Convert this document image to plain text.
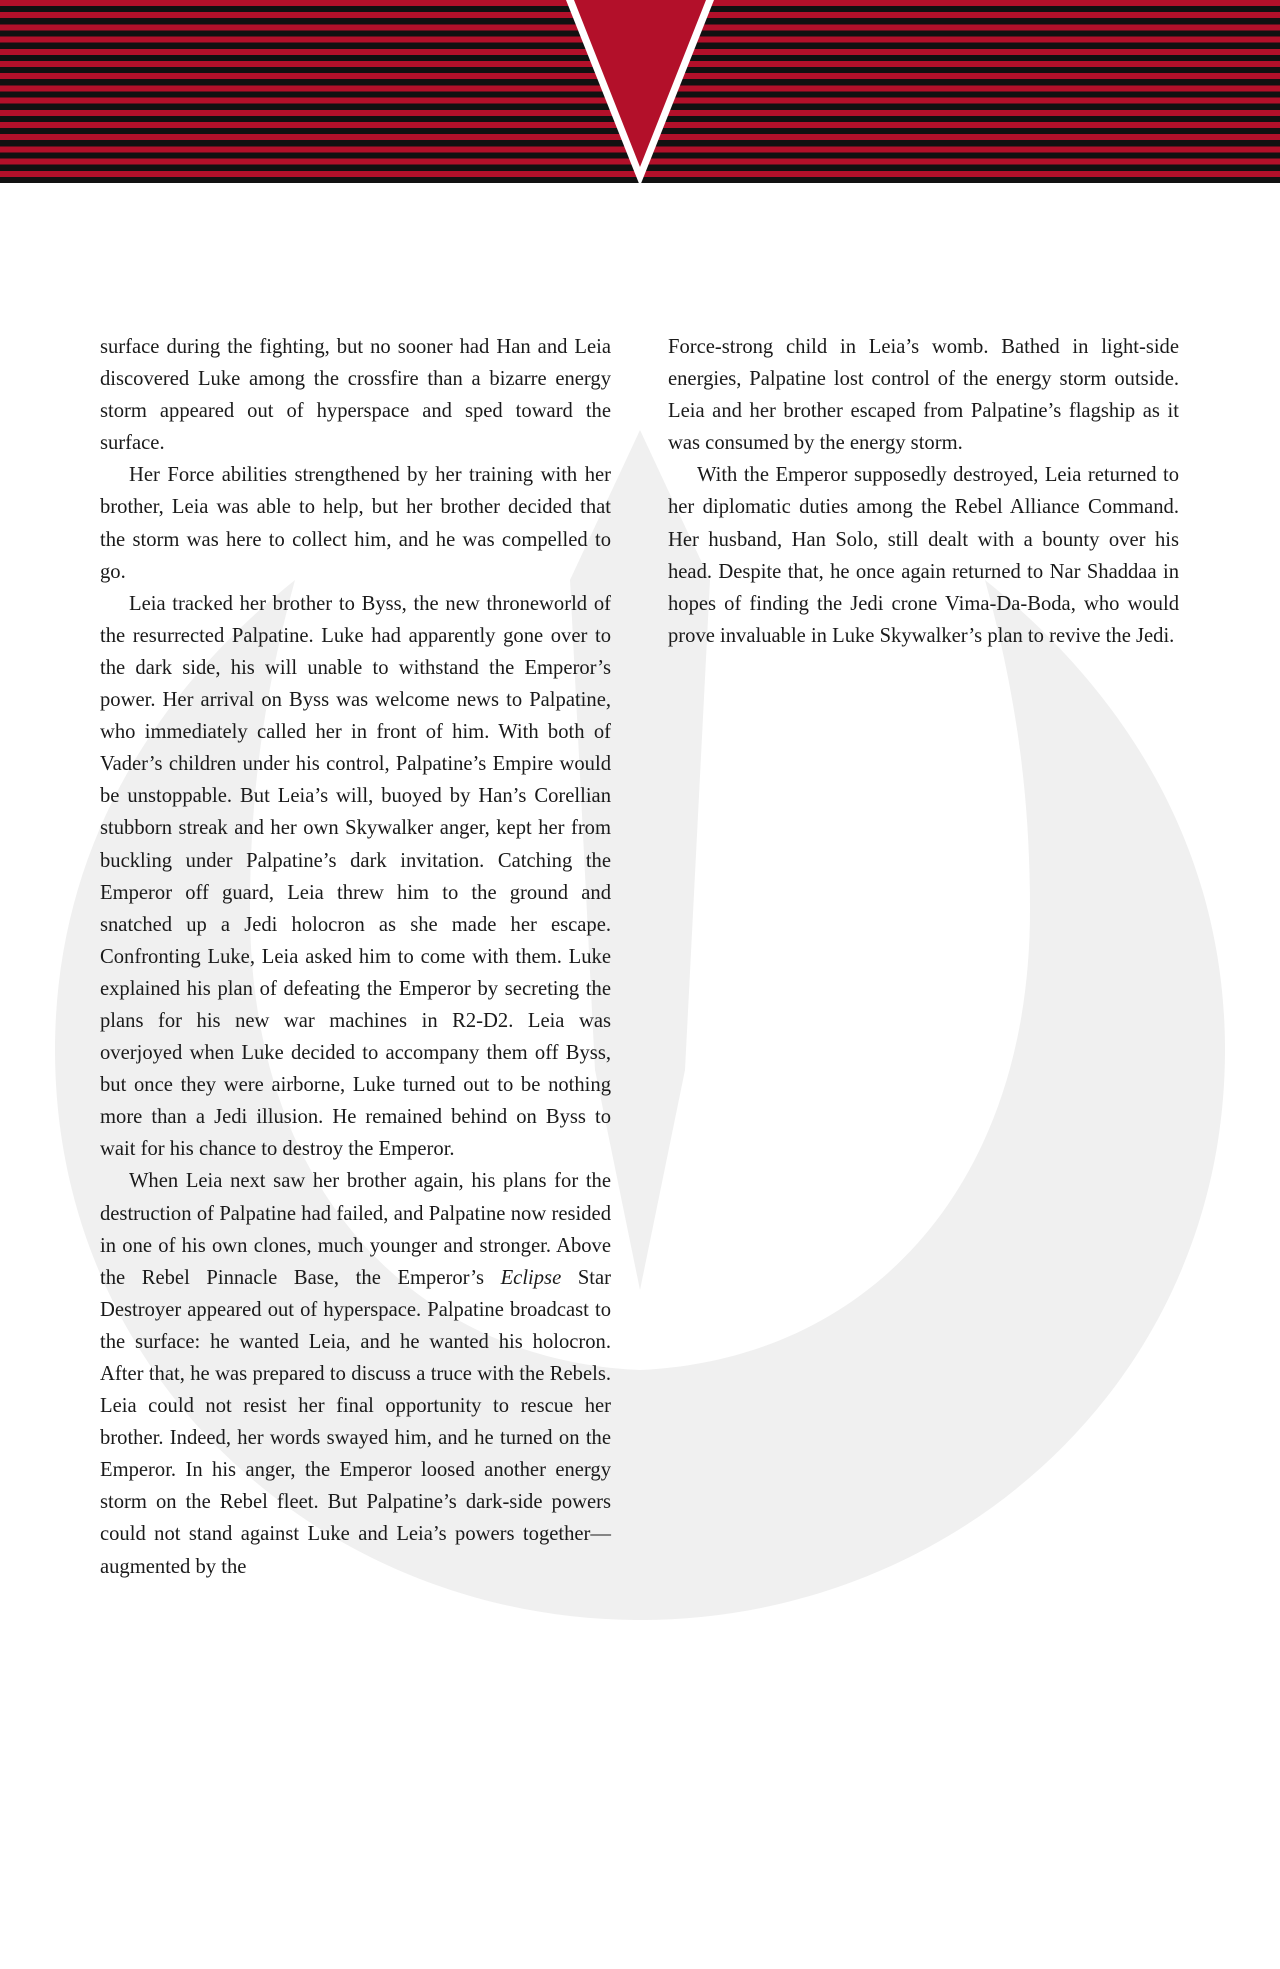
surface during the fighting, but no sooner had Han and Leia discovered Luke among the crossfire than a bizarre energy storm appeared out of hyperspace and sped toward the surface.

Her Force abilities strengthened by her training with her brother, Leia was able to help, but her brother decided that the storm was here to collect him, and he was compelled to go.

Leia tracked her brother to Byss, the new throneworld of the resurrected Palpatine. Luke had apparently gone over to the dark side, his will unable to withstand the Emperor’s power. Her arrival on Byss was welcome news to Palpatine, who immediately called her in front of him. With both of Vader’s children under his control, Palpatine’s Empire would be unstoppable. But Leia’s will, buoyed by Han’s Corellian stubborn streak and her own Skywalker anger, kept her from buckling under Palpatine’s dark invitation. Catching the Emperor off guard, Leia threw him to the ground and snatched up a Jedi holocron as she made her escape. Confronting Luke, Leia asked him to come with them. Luke explained his plan of defeating the Emperor by secreting the plans for his new war machines in R2-D2. Leia was overjoyed when Luke decided to accompany them off Byss, but once they were airborne, Luke turned out to be nothing more than a Jedi illusion. He remained behind on Byss to wait for his chance to destroy the Emperor.

When Leia next saw her brother again, his plans for the destruction of Palpatine had failed, and Palpatine now resided in one of his own clones, much younger and stronger. Above the Rebel Pinnacle Base, the Emperor’s Eclipse Star Destroyer appeared out of hyperspace. Palpatine broadcast to the surface: he wanted Leia, and he wanted his holocron. After that, he was prepared to discuss a truce with the Rebels. Leia could not resist her final opportunity to rescue her brother. Indeed, her words swayed him, and he turned on the Emperor. In his anger, the Emperor loosed another energy storm on the Rebel fleet. But Palpatine’s dark-side powers could not stand against Luke and Leia’s powers together—augmented by the

Force-strong child in Leia’s womb. Bathed in light-side energies, Palpatine lost control of the energy storm outside. Leia and her brother escaped from Palpatine’s flagship as it was consumed by the energy storm.

With the Emperor supposedly destroyed, Leia returned to her diplomatic duties among the Rebel Alliance Command. Her husband, Han Solo, still dealt with a bounty over his head. Despite that, he once again returned to Nar Shaddaa in hopes of finding the Jedi crone Vima-Da-Boda, who would prove invaluable in Luke Skywalker’s plan to revive the Jedi.
